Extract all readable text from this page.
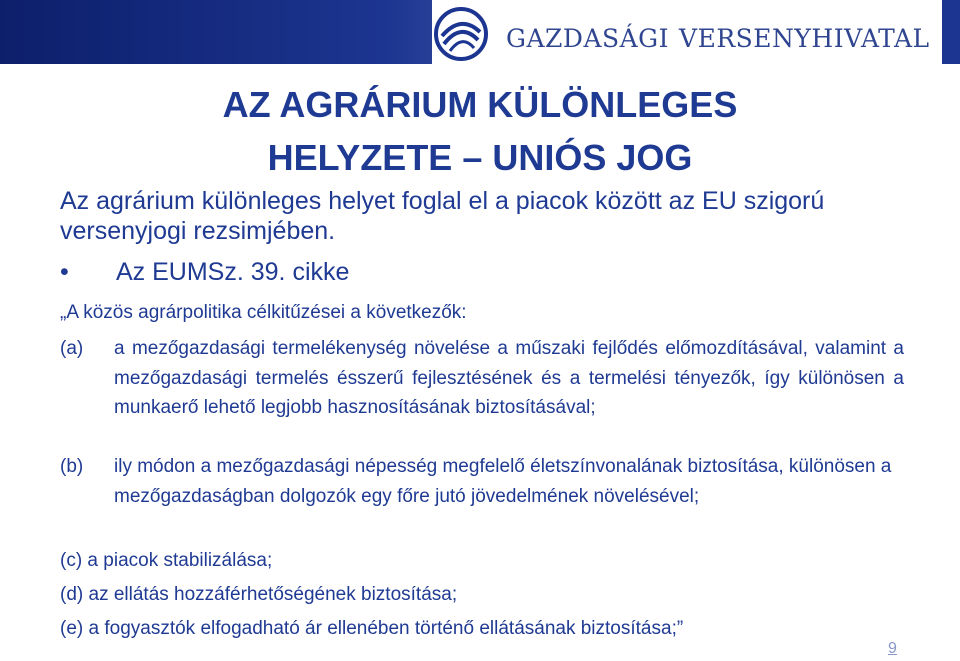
GAZDASÁGI VERSENYHIVATAL
AZ AGRÁRIUM KÜLÖNLEGES
HELYZETE – UNIÓS JOG
Az agrárium különleges helyet foglal el a piacok között az EU szigorú versenyjogi rezsimjében.
• Az EUMSz. 39. cikke
„A közös agrárpolitika célkitűzései a következők:
(a) a mezőgazdasági termelékenység növelése a műszaki fejlődés előmozdításával, valamint a mezőgazdasági termelés ésszerű fejlesztésének és a termelési tényezők, így különösen a munkaerő lehető legjobb hasznosításának biztosításával;
(b) ily módon a mezőgazdasági népesség megfelelő életszínvonalának biztosítása, különösen a mezőgazdaságban dolgozók egy főre jutó jövedelmének növelésével;
(c) a piacok stabilizálása;
(d) az ellátás hozzáférhetőségének biztosítása;
(e) a fogyasztók elfogadható ár ellenében történő ellátásának biztosítása;”
9
